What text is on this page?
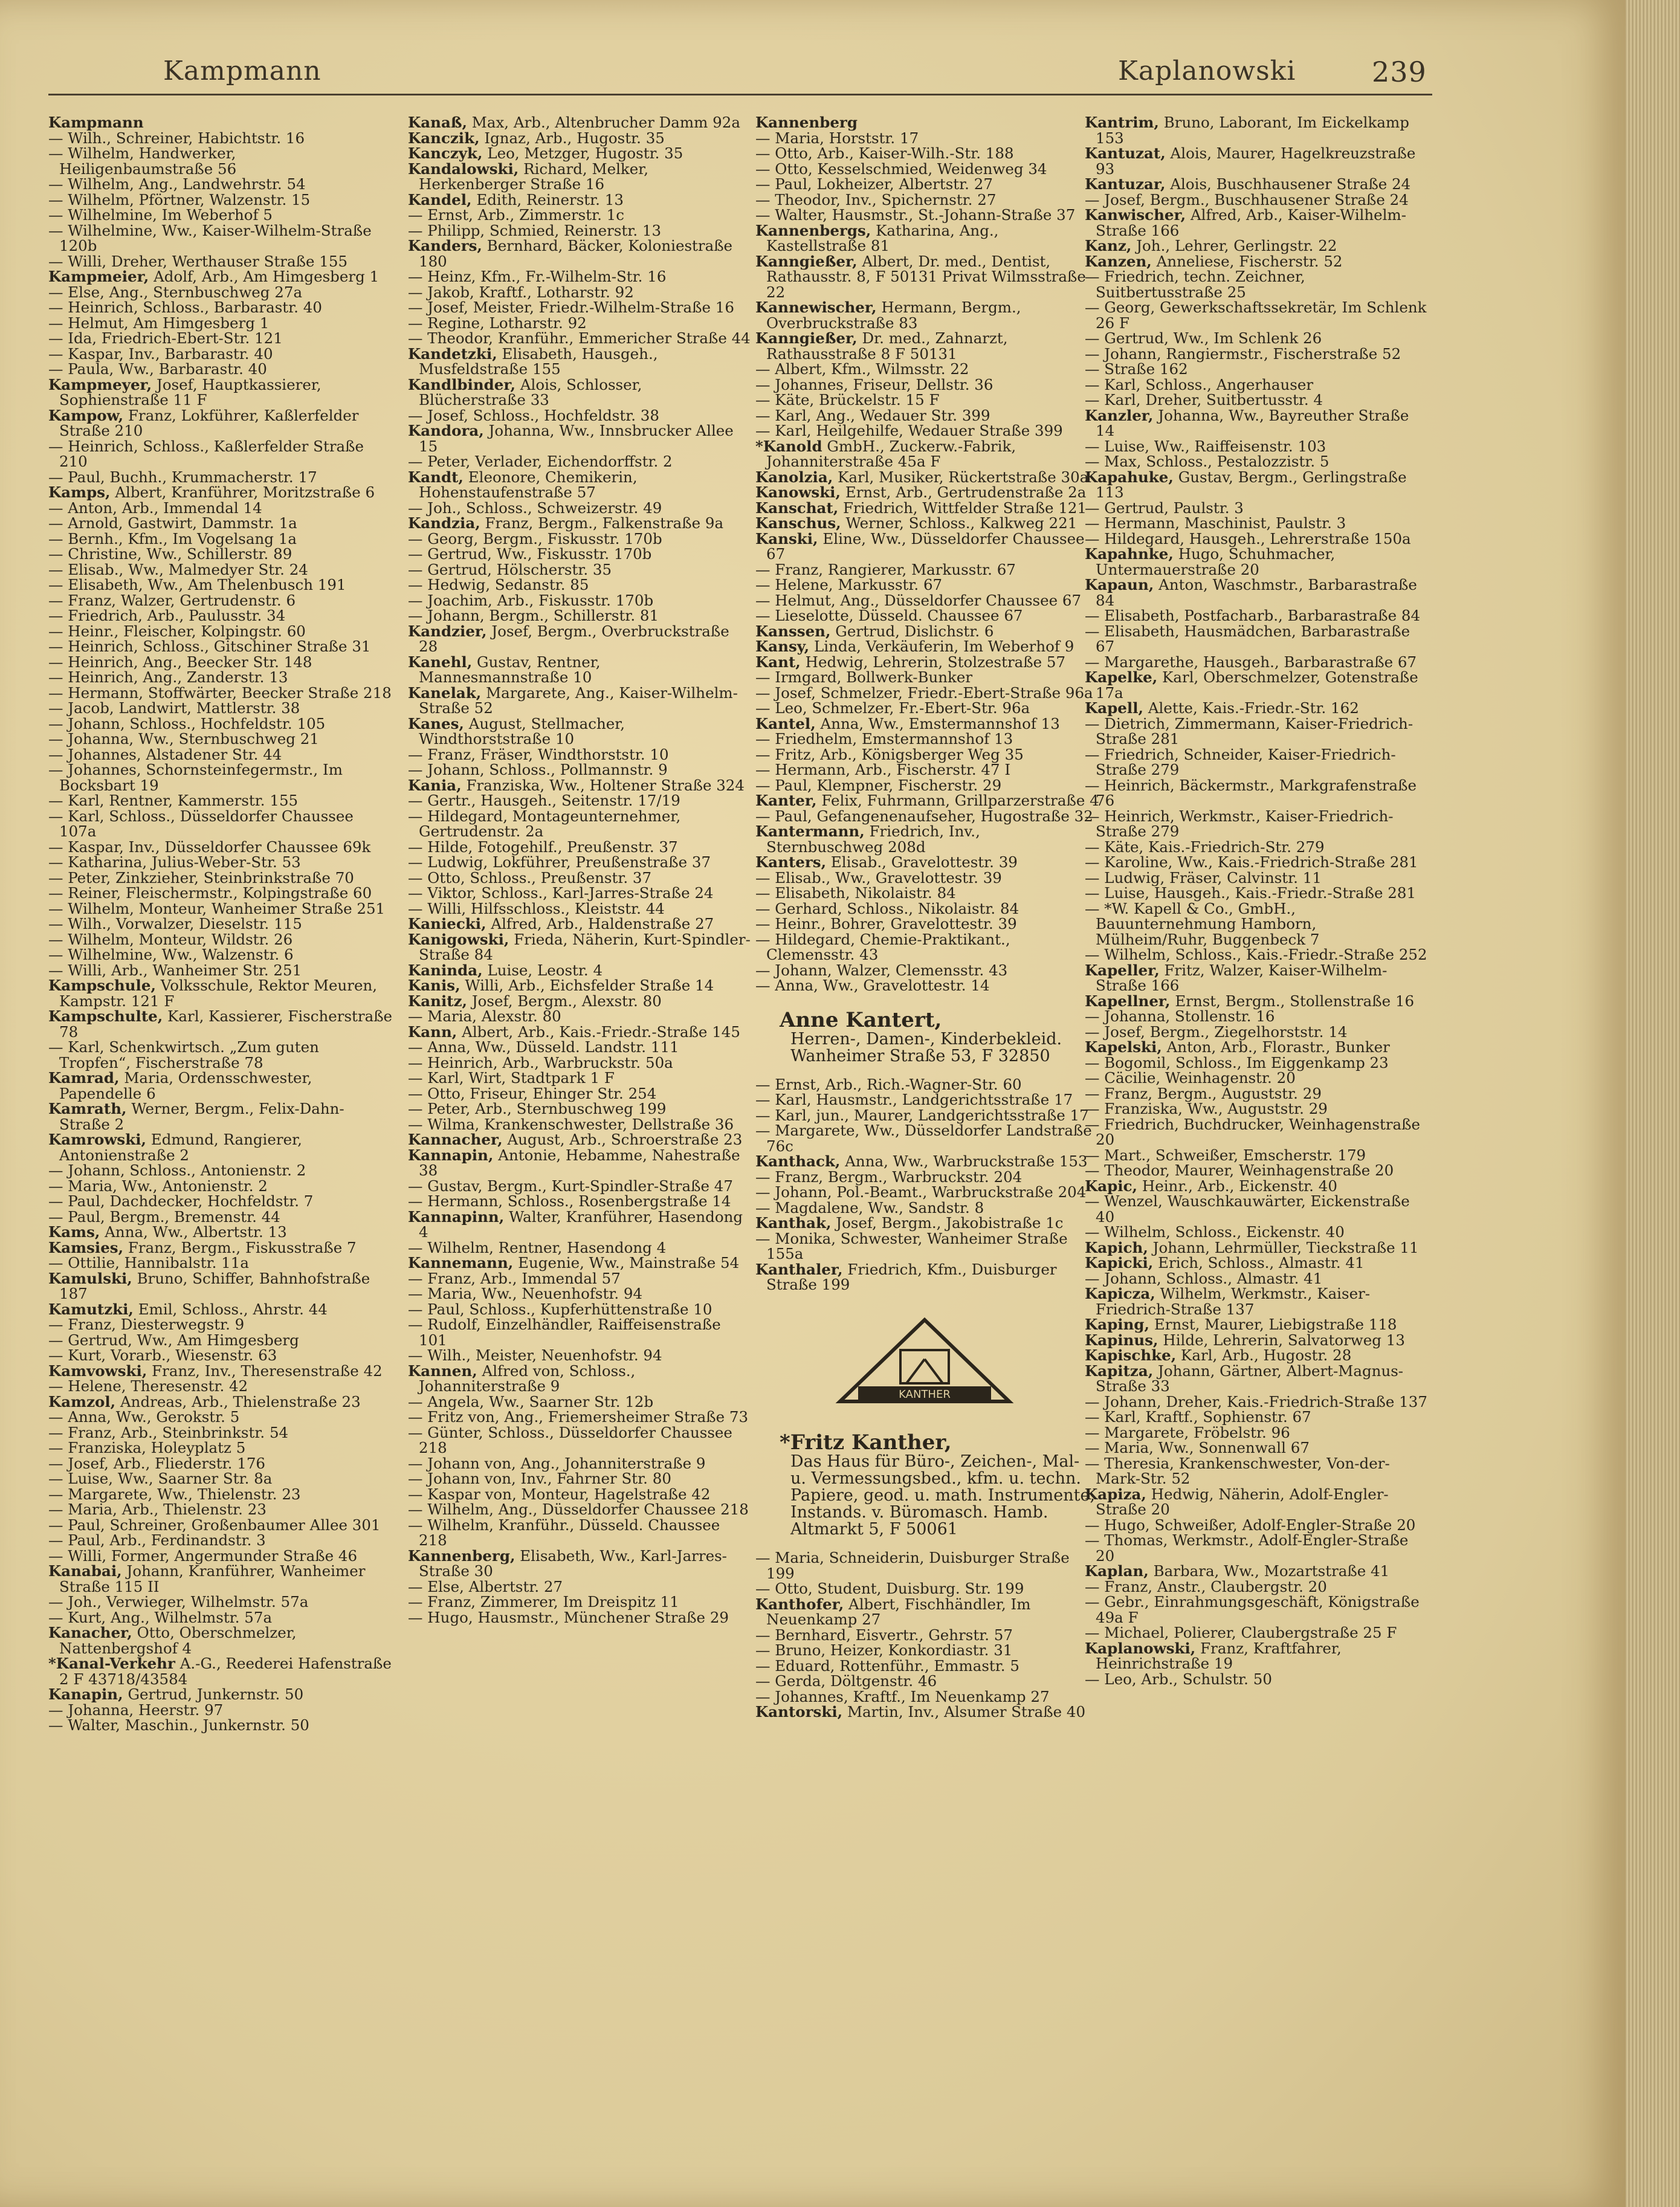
Kampmann	Kaplanowski	239

Kampmann

— Wilh., Schreiner, Habichtstr. 16

— Wilhelm, Handwerker, Heiligenbaumstraße 56

— Wilhelm, Ang., Landwehrstr. 54

— Wilhelm, Pförtner, Walzenstr. 15

— Wilhelmine, Im Weberhof 5

— Wilhelmine, Ww., Kaiser-Wilhelm-Straße 120b

— Willi, Dreher, Werthauser Straße 155

Kampmeier, Adolf, Arb., Am Himgesberg 1

— Else, Ang., Sternbuschweg 27a

— Heinrich, Schloss., Barbarastr. 40

— Helmut, Am Himgesberg 1

— Ida, Friedrich-Ebert-Str. 121

— Kaspar, Inv., Barbarastr. 40

— Paula, Ww., Barbarastr. 40

Kampmeyer, Josef, Hauptkassierer, Sophienstraße 11 F

Kampow, Franz, Lokführer, Kaßlerfelder Straße 210

— Heinrich, Schloss., Kaßlerfelder Straße 210

— Paul, Buchh., Krummacherstr. 17

Kamps, Albert, Kranführer, Moritzstraße 6

— Anton, Arb., Immendal 14

— Arnold, Gastwirt, Dammstr. 1a

— Bernh., Kfm., Im Vogelsang 1a

— Christine, Ww., Schillerstr. 89

— Elisab., Ww., Malmedyer Str. 24

— Elisabeth, Ww., Am Thelenbusch 191

— Franz, Walzer, Gertrudenstr. 6

— Friedrich, Arb., Paulusstr. 34

— Heinr., Fleischer, Kolpingstr. 60

— Heinrich, Schloss., Gitschiner Straße 31

— Heinrich, Ang., Beecker Str. 148

— Heinrich, Ang., Zanderstr. 13

— Hermann, Stoffwärter, Beecker Straße 218

— Jacob, Landwirt, Mattlerstr. 38

— Johann, Schloss., Hochfeldstr. 105

— Johanna, Ww., Sternbuschweg 21

— Johannes, Alstadener Str. 44

— Johannes, Schornsteinfegermstr., Im Bocksbart 19

— Karl, Rentner, Kammerstr. 155

— Karl, Schloss., Düsseldorfer Chaussee 107a

— Kaspar, Inv., Düsseldorfer Chaussee 69k

— Katharina, Julius-Weber-Str. 53

— Peter, Zinkzieher, Steinbrinkstraße 70

— Reiner, Fleischermstr., Kolpingstraße 60

— Wilhelm, Monteur, Wanheimer Straße 251

— Wilh., Vorwalzer, Dieselstr. 115

— Wilhelm, Monteur, Wildstr. 26

— Wilhelmine, Ww., Walzenstr. 6

— Willi, Arb., Wanheimer Str. 251

Kampschule, Volksschule, Rektor Meuren, Kampstr. 121 F

Kampschulte, Karl, Kassierer, Fischerstraße 78

— Karl, Schenkwirtsch. „Zum guten Tropfen“, Fischerstraße 78

Kamrad, Maria, Ordensschwester, Papendelle 6

Kamrath, Werner, Bergm., Felix-Dahn-Straße 2

Kamrowski, Edmund, Rangierer, Antonienstraße 2

— Johann, Schloss., Antonienstr. 2

— Maria, Ww., Antonienstr. 2

— Paul, Dachdecker, Hochfeldstr. 7

— Paul, Bergm., Bremenstr. 44

Kams, Anna, Ww., Albertstr. 13

Kamsies, Franz, Bergm., Fiskusstraße 7

— Ottilie, Hannibalstr. 11a

Kamulski, Bruno, Schiffer, Bahnhofstraße 187

Kamutzki, Emil, Schloss., Ahrstr. 44

— Franz, Diesterwegstr. 9

— Gertrud, Ww., Am Himgesberg

— Kurt, Vorarb., Wiesenstr. 63

Kamvowski, Franz, Inv., Theresenstraße 42

— Helene, Theresenstr. 42

Kamzol, Andreas, Arb., Thielenstraße 23

— Anna, Ww., Gerokstr. 5

— Franz, Arb., Steinbrinkstr. 54

— Franziska, Holeyplatz 5

— Josef, Arb., Fliederstr. 176

— Luise, Ww., Saarner Str. 8a

— Margarete, Ww., Thielenstr. 23

— Maria, Arb., Thielenstr. 23

— Paul, Schreiner, Großenbaumer Allee 301

— Paul, Arb., Ferdinandstr. 3

— Willi, Former, Angermunder Straße 46

Kanabai, Johann, Kranführer, Wanheimer Straße 115 II

— Joh., Verwieger, Wilhelmstr. 57a

— Kurt, Ang., Wilhelmstr. 57a

Kanacher, Otto, Oberschmelzer, Nattenbergshof 4

*Kanal-Verkehr A.-G., Reederei Hafenstraße 2 F 43718/43584

Kanapin, Gertrud, Junkernstr. 50

— Johanna, Heerstr. 97

— Walter, Maschin., Junkernstr. 50

Kanaß, Max, Arb., Altenbrucher Damm 92a

Kanczik, Ignaz, Arb., Hugostr. 35

Kanczyk, Leo, Metzger, Hugostr. 35

Kandalowski, Richard, Melker, Herkenberger Straße 16

Kandel, Edith, Reinerstr. 13

— Ernst, Arb., Zimmerstr. 1c

— Philipp, Schmied, Reinerstr. 13

Kanders, Bernhard, Bäcker, Koloniestraße 180

— Heinz, Kfm., Fr.-Wilhelm-Str. 16

— Jakob, Kraftf., Lotharstr. 92

— Josef, Meister, Friedr.-Wilhelm-Straße 16

— Regine, Lotharstr. 92

— Theodor, Kranführ., Emmericher Straße 44

Kandetzki, Elisabeth, Hausgeh., Musfeldstraße 155

Kandlbinder, Alois, Schlosser, Blücherstraße 33

— Josef, Schloss., Hochfeldstr. 38

Kandora, Johanna, Ww., Innsbrucker Allee 15

— Peter, Verlader, Eichendorffstr. 2

Kandt, Eleonore, Chemikerin, Hohenstaufenstraße 57

— Joh., Schloss., Schweizerstr. 49

Kandzia, Franz, Bergm., Falkenstraße 9a

— Georg, Bergm., Fiskusstr. 170b

— Gertrud, Ww., Fiskusstr. 170b

— Gertrud, Hölscherstr. 35

— Hedwig, Sedanstr. 85

— Joachim, Arb., Fiskusstr. 170b

— Johann, Bergm., Schillerstr. 81

Kandzier, Josef, Bergm., Overbruckstraße 28

Kanehl, Gustav, Rentner, Mannesmannstraße 10

Kanelak, Margarete, Ang., Kaiser-Wilhelm-Straße 52

Kanes, August, Stellmacher, Windthorststraße 10

— Franz, Fräser, Windthorststr. 10

— Johann, Schloss., Pollmannstr. 9

Kania, Franziska, Ww., Holtener Straße 324

— Gertr., Hausgeh., Seitenstr. 17/19

— Hildegard, Montageunternehmer, Gertrudenstr. 2a

— Hilde, Fotogehilf., Preußenstr. 37

— Ludwig, Lokführer, Preußenstraße 37

— Otto, Schloss., Preußenstr. 37

— Viktor, Schloss., Karl-Jarres-Straße 24

— Willi, Hilfsschloss., Kleiststr. 44

Kaniecki, Alfred, Arb., Haldenstraße 27

Kanigowski, Frieda, Näherin, Kurt-Spindler-Straße 84

Kaninda, Luise, Leostr. 4

Kanis, Willi, Arb., Eichsfelder Straße 14

Kanitz, Josef, Bergm., Alexstr. 80

— Maria, Alexstr. 80

Kann, Albert, Arb., Kais.-Friedr.-Straße 145

— Anna, Ww., Düsseld. Landstr. 111

— Heinrich, Arb., Warbruckstr. 50a

— Karl, Wirt, Stadtpark 1 F

— Otto, Friseur, Ehinger Str. 254

— Peter, Arb., Sternbuschweg 199

— Wilma, Krankenschwester, Dellstraße 36

Kannacher, August, Arb., Schroerstraße 23

Kannapin, Antonie, Hebamme, Nahestraße 38

— Gustav, Bergm., Kurt-Spindler-Straße 47

— Hermann, Schloss., Rosenbergstraße 14

Kannapinn, Walter, Kranführer, Hasendong 4

— Wilhelm, Rentner, Hasendong 4

Kannemann, Eugenie, Ww., Mainstraße 54

— Franz, Arb., Immendal 57

— Maria, Ww., Neuenhofstr. 94

— Paul, Schloss., Kupferhüttenstraße 10

— Rudolf, Einzelhändler, Raiffeisenstraße 101

— Wilh., Meister, Neuenhofstr. 94

Kannen, Alfred von, Schloss., Johanniterstraße 9

— Angela, Ww., Saarner Str. 12b

— Fritz von, Ang., Friemersheimer Straße 73

— Günter, Schloss., Düsseldorfer Chaussee 218

— Johann von, Ang., Johanniterstraße 9

— Johann von, Inv., Fahrner Str. 80

— Kaspar von, Monteur, Hagelstraße 42

— Wilhelm, Ang., Düsseldorfer Chaussee 218

— Wilhelm, Kranführ., Düsseld. Chaussee 218

Kannenberg, Elisabeth, Ww., Karl-Jarres-Straße 30

— Else, Albertstr. 27

— Franz, Zimmerer, Im Dreispitz 11

— Hugo, Hausmstr., Münchener Straße 29

Kannenberg

— Maria, Horststr. 17

— Otto, Arb., Kaiser-Wilh.-Str. 188

— Otto, Kesselschmied, Weidenweg 34

— Paul, Lokheizer, Albertstr. 27

— Theodor, Inv., Spichernstr. 27

— Walter, Hausmstr., St.-Johann-Straße 37

Kannenbergs, Katharina, Ang., Kastellstraße 81

Kanngießer, Albert, Dr. med., Dentist, Rathausstr. 8, F 50131 Privat Wilmsstraße 22

Kannewischer, Hermann, Bergm., Overbruckstraße 83

Kanngießer, Dr. med., Zahnarzt, Rathausstraße 8 F 50131

— Albert, Kfm., Wilmsstr. 22

— Johannes, Friseur, Dellstr. 36

— Käte, Brückelstr. 15 F

— Karl, Ang., Wedauer Str. 399

— Karl, Heilgehilfe, Wedauer Straße 399

*Kanold GmbH., Zuckerw.-Fabrik, Johanniterstraße 45a F

Kanolzia, Karl, Musiker, Rückertstraße 30a

Kanowski, Ernst, Arb., Gertrudenstraße 2a

Kanschat, Friedrich, Wittfelder Straße 121

Kanschus, Werner, Schloss., Kalkweg 221

Kanski, Eline, Ww., Düsseldorfer Chaussee 67

— Franz, Rangierer, Markusstr. 67

— Helene, Markusstr. 67

— Helmut, Ang., Düsseldorfer Chaussee 67

— Lieselotte, Düsseld. Chaussee 67

Kanssen, Gertrud, Dislichstr. 6

Kansy, Linda, Verkäuferin, Im Weberhof 9

Kant, Hedwig, Lehrerin, Stolzestraße 57

— Irmgard, Bollwerk-Bunker

— Josef, Schmelzer, Friedr.-Ebert-Straße 96a

— Leo, Schmelzer, Fr.-Ebert-Str. 96a

Kantel, Anna, Ww., Emstermannshof 13

— Friedhelm, Emstermannshof 13

— Fritz, Arb., Königsberger Weg 35

— Hermann, Arb., Fischerstr. 47 I

— Paul, Klempner, Fischerstr. 29

Kanter, Felix, Fuhrmann, Grillparzerstraße 4

— Paul, Gefangenenaufseher, Hugostraße 32

Kantermann, Friedrich, Inv., Sternbuschweg 208d

Kanters, Elisab., Gravelottestr. 39

— Elisab., Ww., Gravelottestr. 39

— Elisabeth, Nikolaistr. 84

— Gerhard, Schloss., Nikolaistr. 84

— Heinr., Bohrer, Gravelottestr. 39

— Hildegard, Chemie-Praktikant., Clemensstr. 43

— Johann, Walzer, Clemensstr. 43

— Anna, Ww., Gravelottestr. 14

Anne Kantert,
Herren-, Damen-, Kinderbekleid. Wanheimer Straße 53, F 32850

— Ernst, Arb., Rich.-Wagner-Str. 60

— Karl, Hausmstr., Landgerichtsstraße 17

— Karl, jun., Maurer, Landgerichtsstraße 17

— Margarete, Ww., Düsseldorfer Landstraße 76c

Kanthack, Anna, Ww., Warbruckstraße 153

— Franz, Bergm., Warbruckstr. 204

— Johann, Pol.-Beamt., Warbruckstraße 204

— Magdalene, Ww., Sandstr. 8

Kanthak, Josef, Bergm., Jakobistraße 1c

— Monika, Schwester, Wanheimer Straße 155a

Kanthaler, Friedrich, Kfm., Duisburger Straße 199

KANTHER

*Fritz Kanther,
Das Haus für Büro-, Zeichen-, Mal- u. Vermessungsbed., kfm. u. techn. Papiere, geod. u. math. Instrumente, Instands. v. Büromasch. Hamb. Altmarkt 5, F 50061

— Maria, Schneiderin, Duisburger Straße 199

— Otto, Student, Duisburg. Str. 199

Kanthofer, Albert, Fischhändler, Im Neuenkamp 27

— Bernhard, Eisvertr., Gehrstr. 57

— Bruno, Heizer, Konkordiastr. 31

— Eduard, Rottenführ., Emmastr. 5

— Gerda, Döltgenstr. 46

— Johannes, Kraftf., Im Neuenkamp 27

Kantorski, Martin, Inv., Alsumer Straße 40

Kantrim, Bruno, Laborant, Im Eickelkamp 153

Kantuzat, Alois, Maurer, Hagelkreuzstraße 93

Kantuzar, Alois, Buschhausener Straße 24

— Josef, Bergm., Buschhausener Straße 24

Kanwischer, Alfred, Arb., Kaiser-Wilhelm-Straße 166

Kanz, Joh., Lehrer, Gerlingstr. 22

Kanzen, Anneliese, Fischerstr. 52

— Friedrich, techn. Zeichner, Suitbertusstraße 25

— Georg, Gewerkschaftssekretär, Im Schlenk 26 F

— Gertrud, Ww., Im Schlenk 26

— Johann, Rangiermstr., Fischerstraße 52

— Straße 162

— Karl, Schloss., Angerhauser

— Karl, Dreher, Suitbertusstr. 4

Kanzler, Johanna, Ww., Bayreuther Straße 14

— Luise, Ww., Raiffeisenstr. 103

— Max, Schloss., Pestalozzistr. 5

Kapahuke, Gustav, Bergm., Gerlingstraße 113

— Gertrud, Paulstr. 3

— Hermann, Maschinist, Paulstr. 3

— Hildegard, Hausgeh., Lehrerstraße 150a

Kapahnke, Hugo, Schuhmacher, Untermauerstraße 20

Kapaun, Anton, Waschmstr., Barbarastraße 84

— Elisabeth, Postfacharb., Barbarastraße 84

— Elisabeth, Hausmädchen, Barbarastraße 67

— Margarethe, Hausgeh., Barbarastraße 67

Kapelke, Karl, Oberschmelzer, Gotenstraße 17a

Kapell, Alette, Kais.-Friedr.-Str. 162

— Dietrich, Zimmermann, Kaiser-Friedrich-Straße 281

— Friedrich, Schneider, Kaiser-Friedrich-Straße 279

— Heinrich, Bäckermstr., Markgrafenstraße 76

— Heinrich, Werkmstr., Kaiser-Friedrich-Straße 279

— Käte, Kais.-Friedrich-Str. 279

— Karoline, Ww., Kais.-Friedrich-Straße 281

— Ludwig, Fräser, Calvinstr. 11

— Luise, Hausgeh., Kais.-Friedr.-Straße 281

— *W. Kapell & Co., GmbH., Bauunternehmung Hamborn, Mülheim/Ruhr, Buggenbeck 7

— Wilhelm, Schloss., Kais.-Friedr.-Straße 252

Kapeller, Fritz, Walzer, Kaiser-Wilhelm-Straße 166

Kapellner, Ernst, Bergm., Stollenstraße 16

— Johanna, Stollenstr. 16

— Josef, Bergm., Ziegelhorststr. 14

Kapelski, Anton, Arb., Florastr., Bunker

— Bogomil, Schloss., Im Eiggenkamp 23

— Cäcilie, Weinhagenstr. 20

— Franz, Bergm., Auguststr. 29

— Franziska, Ww., Auguststr. 29

— Friedrich, Buchdrucker, Weinhagenstraße 20

— Mart., Schweißer, Emscherstr. 179

— Theodor, Maurer, Weinhagenstraße 20

Kapic, Heinr., Arb., Eickenstr. 40

— Wenzel, Wauschkauwärter, Eickenstraße 40

— Wilhelm, Schloss., Eickenstr. 40

Kapich, Johann, Lehrmüller, Tieckstraße 11

Kapicki, Erich, Schloss., Almastr. 41

— Johann, Schloss., Almastr. 41

Kapicza, Wilhelm, Werkmstr., Kaiser-Friedrich-Straße 137

Kaping, Ernst, Maurer, Liebigstraße 118

Kapinus, Hilde, Lehrerin, Salvatorweg 13

Kapischke, Karl, Arb., Hugostr. 28

Kapitza, Johann, Gärtner, Albert-Magnus-Straße 33

— Johann, Dreher, Kais.-Friedrich-Straße 137

— Karl, Kraftf., Sophienstr. 67

— Margarete, Fröbelstr. 96

— Maria, Ww., Sonnenwall 67

— Theresia, Krankenschwester, Von-der-Mark-Str. 52

Kapiza, Hedwig, Näherin, Adolf-Engler-Straße 20

— Hugo, Schweißer, Adolf-Engler-Straße 20

— Thomas, Werkmstr., Adolf-Engler-Straße 20

Kaplan, Barbara, Ww., Mozartstraße 41

— Franz, Anstr., Claubergstr. 20

— Gebr., Einrahmungsgeschäft, Königstraße 49a F

— Michael, Polierer, Claubergstraße 25 F

Kaplanowski, Franz, Kraftfahrer, Heinrichstraße 19

— Leo, Arb., Schulstr. 50
